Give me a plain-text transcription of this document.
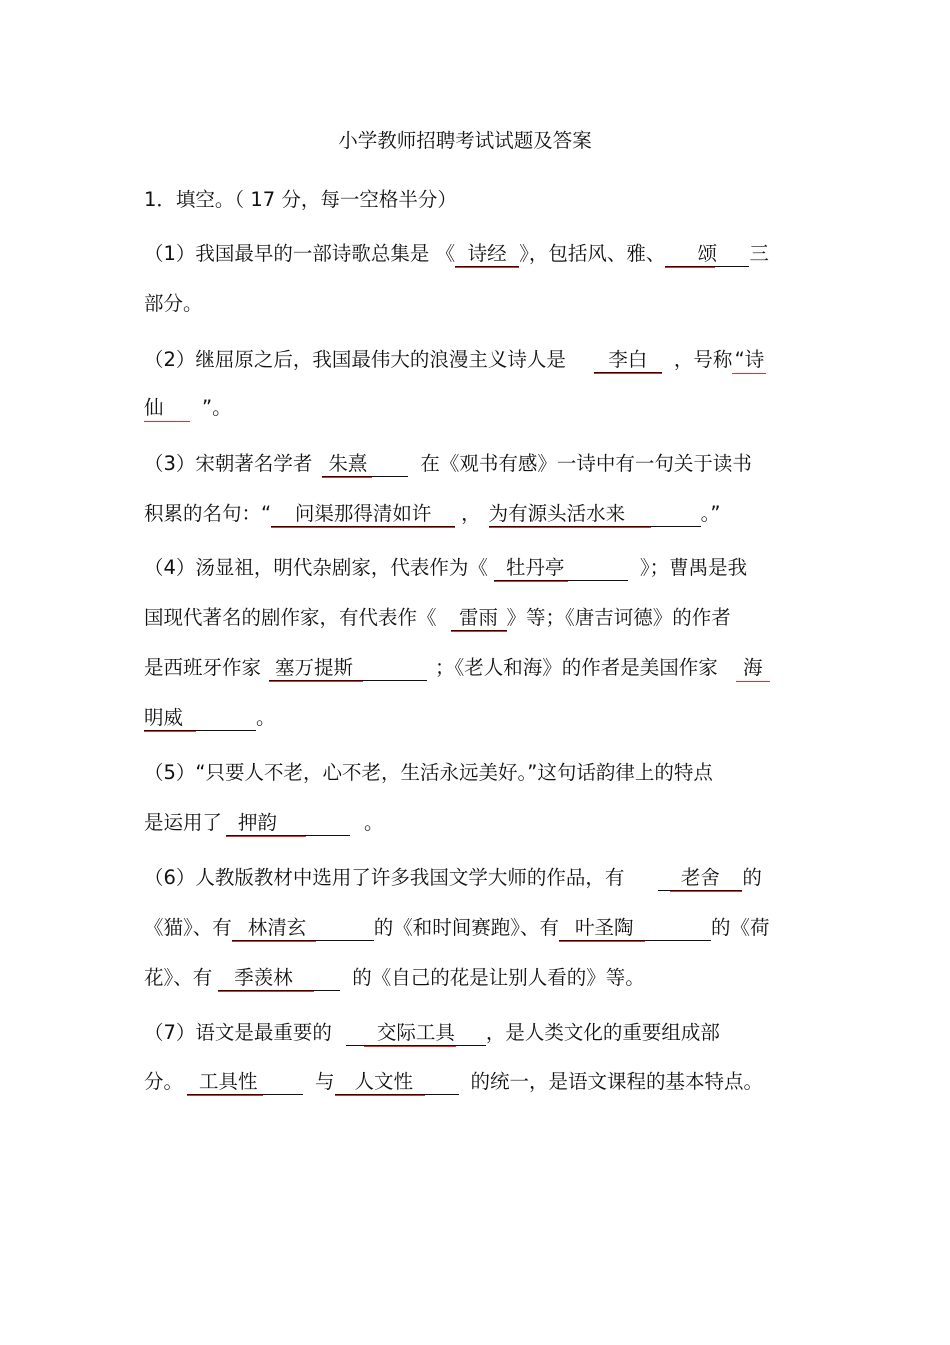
小学教师招聘考试试题及答案
1．填空。（ 17 分，每一空格半分）
（1）我国最早的一部诗歌总集是 《 诗经 》，包括风、雅、 颂 三
部分。
（2）继屈原之后，我国最伟大的浪漫主义诗人是 李白 ，号称 “诗
仙 ”。
（3）宋朝著名学者 朱熹	在《观书有感》一诗中有一句关于读书
积累的名句：“ 问渠那得清如许 ， 为有源头活水来	。”
（4）汤显祖，明代杂剧家，代表作为《 牡丹亭	》；曹禺是我
国现代著名的剧作家，有代表作《 雷雨 》等；《唐吉诃德》的作者
是西班牙作家 塞万提斯	；《老人和海》的作者是美国作家 海
明威	。
（5）“只要人不老，心不老，生活永远美好。”这句话韵律上的特点
是运用了 押韵	。
（6）人教版教材中选用了许多我国文学大师的作品，有	老舍 的
《猫》、有 林清玄	的《和时间赛跑》、有 叶圣陶	的《荷
花》、有 季羡林	的《自己的花是让别人看的》等。
（7）语文是最重要的 交际工具 ，是人类文化的重要组成部
分。 工具性	与 人文性	的统一，是语文课程的基本特点。
